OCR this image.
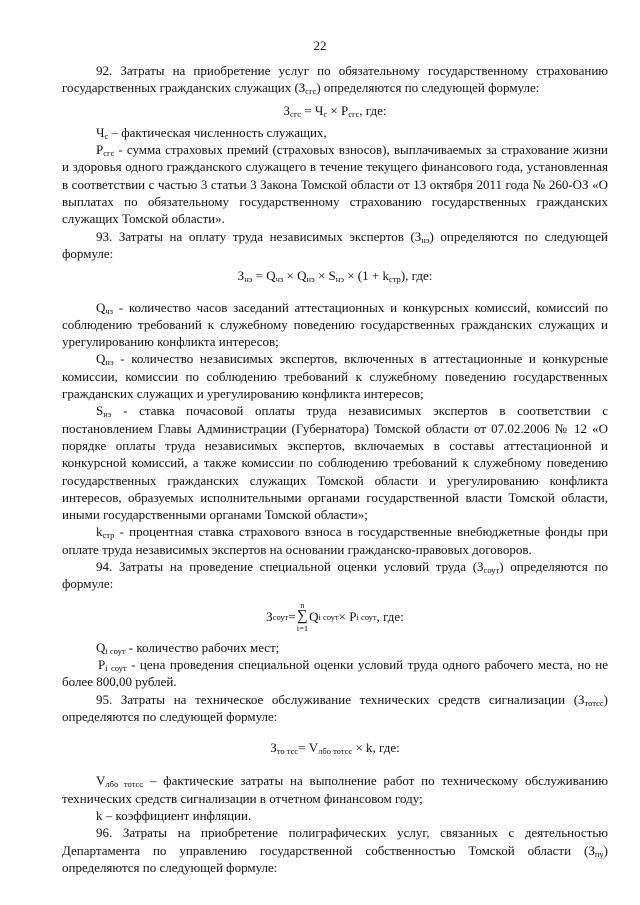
22

92. Затраты на приобретение услуг по обязательному государственному страхованию государственных гражданских служащих $(З_{сгс})$ определяются по следующей формуле:

$З_{сгс} = Ч_с \times Р_{сгс}$, где:

$Ч_с$ – фактическая численность служащих,

$Р_{сгс}$ - сумма страховых премий (страховых взносов), выплачиваемых за страхование жизни и здоровья одного гражданского служащего в течение текущего финансового года, установленная в соответствии с частью 3 статьи 3 Закона Томской области от 13 октября 2011 года № 260-ОЗ «О выплатах по обязательному государственному страхованию государственных гражданских служащих Томской области».

93. Затраты на оплату труда независимых экспертов $(З_{нэ})$ определяются по следующей формуле:

$З_{нэ} = Q_{чз} \times Q_{нэ} \times S_{нэ} \times (1 + k_{стр})$, где:

$Q_{чз}$ - количество часов заседаний аттестационных и конкурсных комиссий, комиссий по соблюдению требований к служебному поведению государственных гражданских служащих и урегулированию конфликта интересов;

$Q_{нэ}$ - количество независимых экспертов, включенных в аттестационные и конкурсные комиссии, комиссии по соблюдению требований к служебному поведению государственных гражданских служащих и урегулированию конфликта интересов;

$S_{нэ}$ - ставка почасовой оплаты труда независимых экспертов в соответствии с постановлением Главы Администрации (Губернатора) Томской области от 07.02.2006 № 12 «О порядке оплаты труда независимых экспертов, включаемых в составы аттестационной и конкурсной комиссий, а также комиссии по соблюдению требований к служебному поведению государственных гражданских служащих Томской области и урегулированию конфликта интересов, образуемых исполнительными органами государственной власти Томской области, иными государственными органами Томской области»;

$k_{стр}$ - процентная ставка страхового взноса в государственные внебюджетные фонды при оплате труда независимых экспертов на основании гражданско-правовых договоров.

94. Затраты на проведение специальной оценки условий труда $(З_{соут})$ определяются по формуле:

З соут =
n
∑
i=1
Q i соут × P i соут , где:

$Q_{i соут}$ - количество рабочих мест;

$P_{i соут}$ - цена проведения специальной оценки условий труда одного рабочего места, но не более 800,00 рублей.

95. Затраты на техническое обслуживание технических средств сигнализации $(З_{тотсс})$ определяются по следующей формуле:

$З_{то тсс}= V_{лбо тотсс} \times k$, где:

$V_{лбо тотсс}$ – фактические затраты на выполнение работ по техническому обслуживанию технических средств сигнализации в отчетном финансовом году;

k – коэффициент инфляции.

96. Затраты на приобретение полиграфических услуг, связанных с деятельностью Департамента по управлению государственной собственностью Томской области $(З_{пу})$ определяются по следующей формуле:
